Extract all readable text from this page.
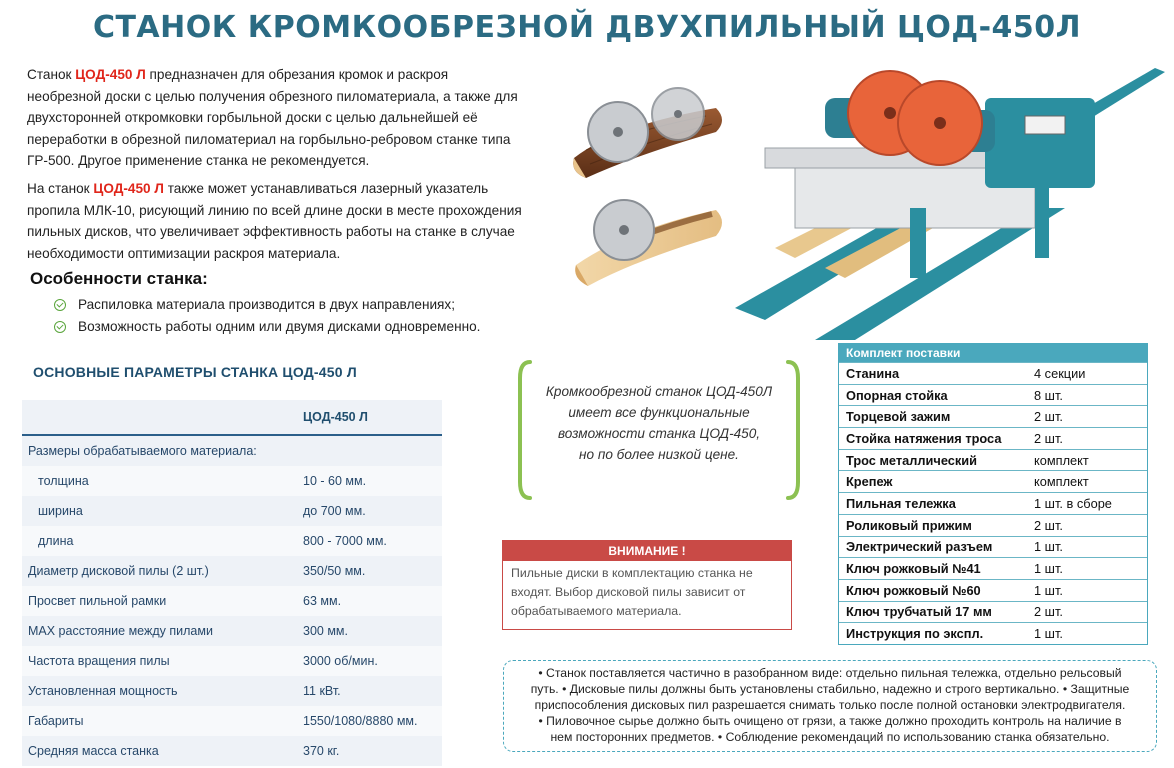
СТАНОК КРОМКООБРЕЗНОЙ ДВУХПИЛЬНЫЙ ЦОД-450Л
Станок ЦОД-450 Л предназначен для обрезания кромок и раскроя
необрезной доски с целью получения обрезного пиломатериала, а также для
двухсторонней откромковки горбыльной доски с целью дальнейшей её
переработки в обрезной пиломатериал на горбыльно-ребровом станке типа
ГР-500. Другое применение станка не рекомендуется.
На станок ЦОД-450 Л также может устанавливаться лазерный указатель
пропила МЛК-10, рисующий линию по всей длине доски в месте прохождения
пильных дисков, что увеличивает эффективность работы на станке в случае
необходимости оптимизации раскроя материала.
Особенности станка:
Распиловка материала производится в двух направлениях;
Возможность работы одним или двумя дисками одновременно.
ОСНОВНЫЕ ПАРАМЕТРЫ СТАНКА ЦОД-450 Л
ЦОД-450 Л
Размеры обрабатываемого материала:
толщина	10 - 60 мм.
ширина	до 700 мм.
длина	800 - 7000 мм.
Диаметр дисковой пилы (2 шт.)	350/50 мм.
Просвет пильной рамки	63 мм.
MAX расстояние между пилами	300 мм.
Частота вращения пилы	3000 об/мин.
Установленная мощность	11 кВт.
Габариты	1550/1080/8880 мм.
Средняя масса станка	370 кг.
Кромкообрезной станок ЦОД-450Л
имеет все функциональные
возможности станка ЦОД-450,
но по более низкой цене.
ВНИМАНИЕ !
Пильные диски в комплектацию станка не
входят. Выбор дисковой пилы зависит от
обрабатываемого материала.
Комплект поставки
Станина	4 секции
Опорная стойка	8 шт.
Торцевой зажим	2 шт.
Стойка натяжения троса	2 шт.
Трос металлический	комплект
Крепеж	комплект
Пильная тележка	1 шт. в сборе
Роликовый прижим	2 шт.
Электрический разъем	1 шт.
Ключ рожковый №41	1 шт.
Ключ рожковый №60	1 шт.
Ключ трубчатый 17 мм	2 шт.
Инструкция по экспл.	1 шт.
• Станок поставляется частично в разобранном виде: отдельно пильная тележка, отдельно рельсовый
путь. • Дисковые пилы должны быть установлены стабильно, надежно и строго вертикально. • Защитные
приспособления дисковых пил разрешается снимать только после полной остановки электродвигателя.
• Пиловочное сырье должно быть очищено от грязи, а также должно проходить контроль на наличие в
нем посторонних предметов. • Соблюдение рекомендаций по использованию станка обязательно.
